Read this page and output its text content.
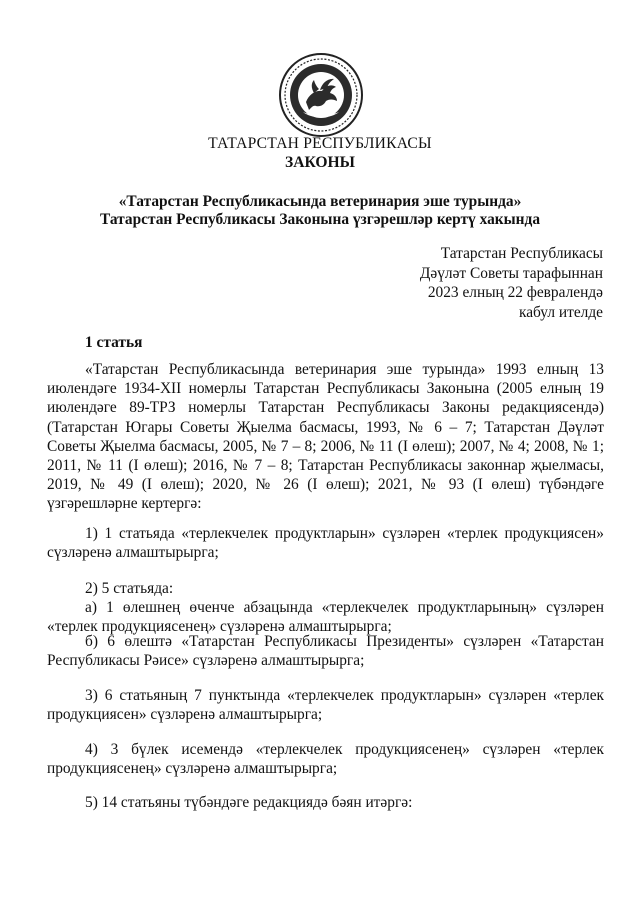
ТАТАРСТАН РЕСПУБЛИКАСЫ
ЗАКОНЫ
«Татарстан Республикасында ветеринария эше турында»
Татарстан Республикасы Законына үзгәрешләр кертү хакында
Татарстан Республикасы
Дәүләт Советы тарафыннан
2023 елның 22 февралендә
кабул ителде
1 статья

«Татарстан Республикасында ветеринария эше турында» 1993 елның 13 июлендәге 1934-XII номерлы Татарстан Республикасы Законына (2005 елның 19 июлендәге 89-ТРЗ номерлы Татарстан Республикасы Законы редакциясендә) (Татарстан Югары Советы Җыелма басмасы, 1993, № 6 – 7; Татарстан Дәүләт Советы Җыелма басмасы, 2005, № 7 – 8; 2006, № 11 (I өлеш); 2007, № 4; 2008, № 1; 2011, № 11 (I өлеш); 2016, № 7 – 8; Татарстан Республикасы законнар җыелмасы, 2019, № 49 (I өлеш); 2020, № 26 (I өлеш); 2021, № 93 (I өлеш) түбәндәге үзгәрешләрне кертергә:

1) 1 статьяда «терлекчелек продуктларын» сүзләрен «терлек продукциясен» сүзләренә алмаштырырга;

2) 5 статьяда:

а) 1 өлешнең өченче абзацында «терлекчелек продуктларының» сүзләрен «терлек продукциясенең» сүзләренә алмаштырырга;

б) 6 өлештә «Татарстан Республикасы Президенты» сүзләрен «Татарстан Республикасы Рәисе» сүзләренә алмаштырырга;

3) 6 статьяның 7 пунктында «терлекчелек продуктларын» сүзләрен «терлек продукциясен» сүзләренә алмаштырырга;

4) 3 бүлек исемендә «терлекчелек продукциясенең» сүзләрен «терлек продукциясенең» сүзләренә алмаштырырга;

5) 14 статьяны түбәндәге редакциядә бәян итәргә:
